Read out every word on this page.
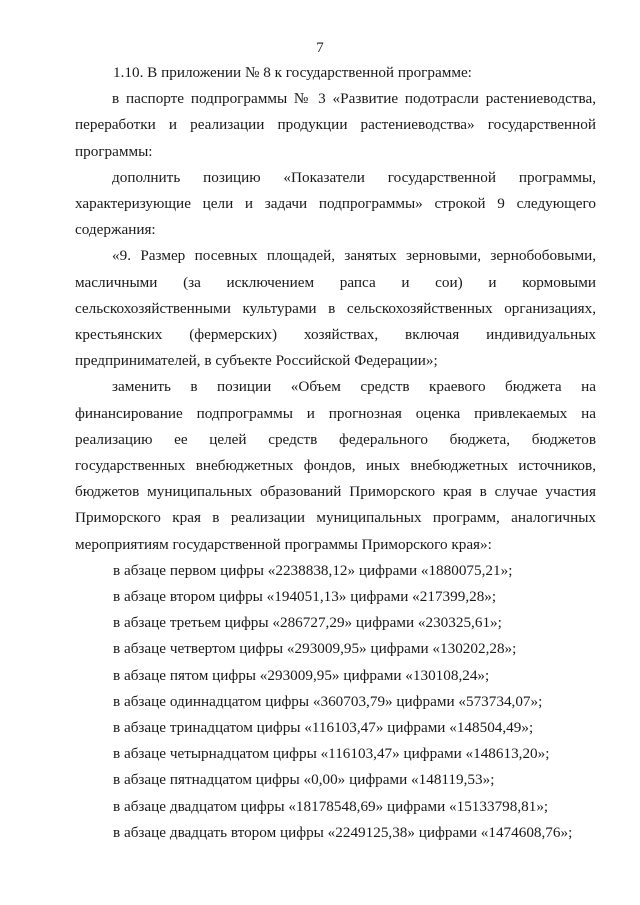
7

1.10. В приложении № 8 к государственной программе:

в паспорте подпрограммы № 3 «Развитие подотрасли растениеводства, переработки и реализации продукции растениеводства» государственной программы:

дополнить позицию «Показатели государственной программы, характеризующие цели и задачи подпрограммы» строкой 9 следующего содержания:

«9. Размер посевных площадей, занятых зерновыми, зернобобовыми, масличными (за исключением рапса и сои) и кормовыми сельскохозяйственными культурами в сельскохозяйственных организациях, крестьянских (фермерских) хозяйствах, включая индивидуальных предпринимателей, в субъекте Российской Федерации»;

заменить в позиции «Объем средств краевого бюджета на финансирование подпрограммы и прогнозная оценка привлекаемых на реализацию ее целей средств федерального бюджета, бюджетов государственных внебюджетных фондов, иных внебюджетных источников, бюджетов муниципальных образований Приморского края в случае участия Приморского края в реализации муниципальных программ, аналогичных мероприятиям государственной программы Приморского края»:

в абзаце первом цифры «2238838,12» цифрами «1880075,21»;
в абзаце втором цифры «194051,13» цифрами «217399,28»;
в абзаце третьем цифры «286727,29» цифрами «230325,61»;
в абзаце четвертом цифры «293009,95» цифрами «130202,28»;
в абзаце пятом цифры «293009,95» цифрами «130108,24»;
в абзаце одиннадцатом цифры «360703,79» цифрами «573734,07»;
в абзаце тринадцатом цифры «116103,47» цифрами «148504,49»;
в абзаце четырнадцатом цифры «116103,47» цифрами «148613,20»;
в абзаце пятнадцатом цифры «0,00» цифрами «148119,53»;
в абзаце двадцатом цифры «18178548,69» цифрами «15133798,81»;
в абзаце двадцать втором цифры «2249125,38» цифрами «1474608,76»;
